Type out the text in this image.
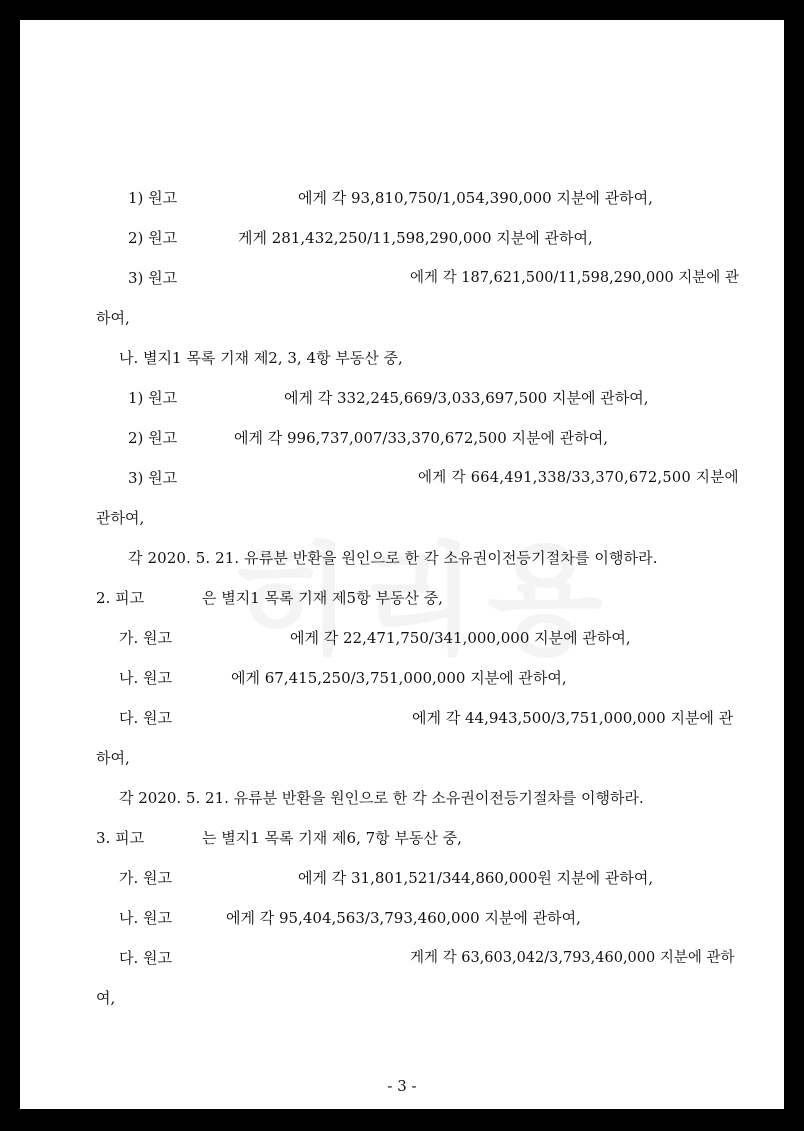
1) 원고	에게 각 93,810,750/1,054,390,000 지분에 관하여,
2) 원고	게게 281,432,250/11,598,290,000 지분에 관하여,
3) 원고	에게 각 187,621,500/11,598,290,000 지분에 관
하여,
나. 별지1 목록 기재 제2, 3, 4항 부동산 중,
1) 원고	에게 각 332,245,669/3,033,697,500 지분에 관하여,
2) 원고	에게 각 996,737,007/33,370,672,500 지분에 관하여,
3) 원고	에게 각 664,491,338/33,370,672,500 지분에
관하여,
각 2020. 5. 21. 유류분 반환을 원인으로 한 각 소유권이전등기절차를 이행하라.
2. 피고	은 별지1 목록 기재 제5항 부동산 중,
가. 원고	에게 각 22,471,750/341,000,000 지분에 관하여,
나. 원고	에게 67,415,250/3,751,000,000 지분에 관하여,
다. 원고	에게 각 44,943,500/3,751,000,000 지분에 관
하여,
각 2020. 5. 21. 유류분 반환을 원인으로 한 각 소유권이전등기절차를 이행하라.
3. 피고	는 별지1 목록 기재 제6, 7항 부동산 중,
가. 원고	에게 각 31,801,521/344,860,000원 지분에 관하여,
나. 원고	에게 각 95,404,563/3,793,460,000 지분에 관하여,
다. 원고	게게 각 63,603,042/3,793,460,000 지분에 관하
여,
- 3 -
